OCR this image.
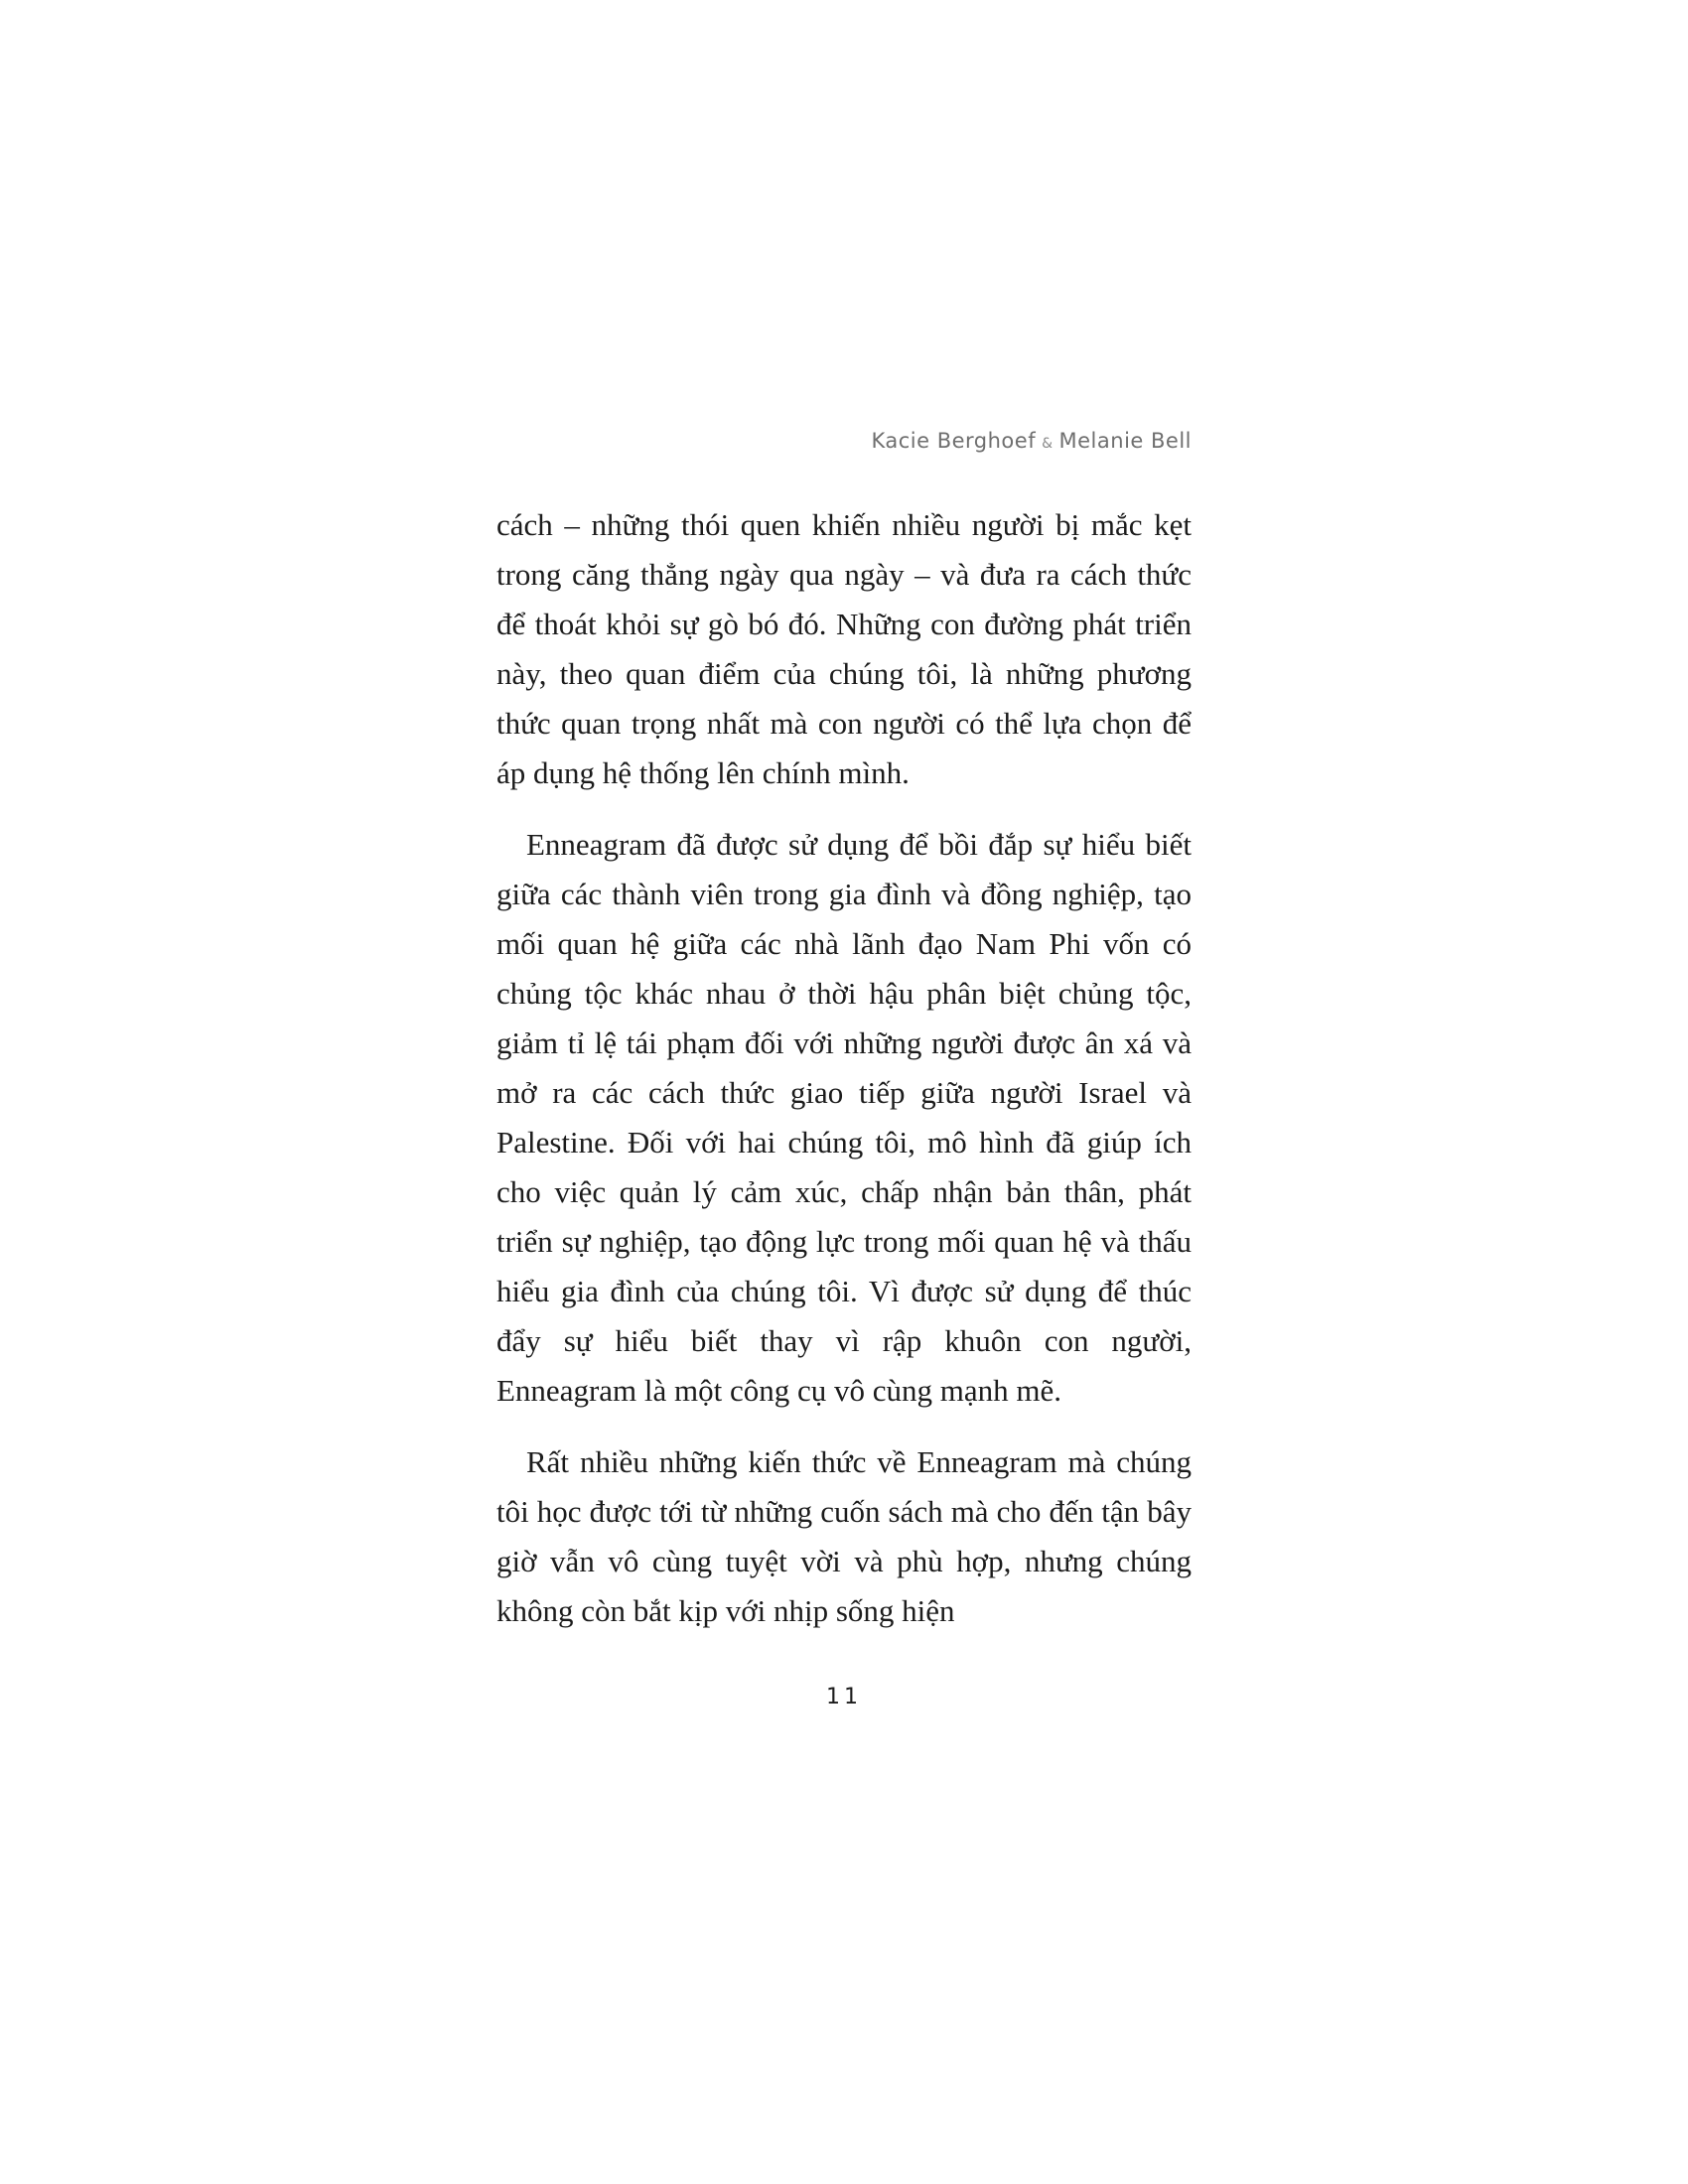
Kacie Berghoef & Melanie Bell

cách – những thói quen khiến nhiều người bị mắc kẹt trong căng thẳng ngày qua ngày – và đưa ra cách thức để thoát khỏi sự gò bó đó. Những con đường phát triển này, theo quan điểm của chúng tôi, là những phương thức quan trọng nhất mà con người có thể lựa chọn để áp dụng hệ thống lên chính mình.

Enneagram đã được sử dụng để bồi đắp sự hiểu biết giữa các thành viên trong gia đình và đồng nghiệp, tạo mối quan hệ giữa các nhà lãnh đạo Nam Phi vốn có chủng tộc khác nhau ở thời hậu phân biệt chủng tộc, giảm tỉ lệ tái phạm đối với những người được ân xá và mở ra các cách thức giao tiếp giữa người Israel và Palestine. Đối với hai chúng tôi, mô hình đã giúp ích cho việc quản lý cảm xúc, chấp nhận bản thân, phát triển sự nghiệp, tạo động lực trong mối quan hệ và thấu hiểu gia đình của chúng tôi. Vì được sử dụng để thúc đẩy sự hiểu biết thay vì rập khuôn con người, Enneagram là một công cụ vô cùng mạnh mẽ.

Rất nhiều những kiến thức về Enneagram mà chúng tôi học được tới từ những cuốn sách mà cho đến tận bây giờ vẫn vô cùng tuyệt vời và phù hợp, nhưng chúng không còn bắt kịp với nhịp sống hiện

11
